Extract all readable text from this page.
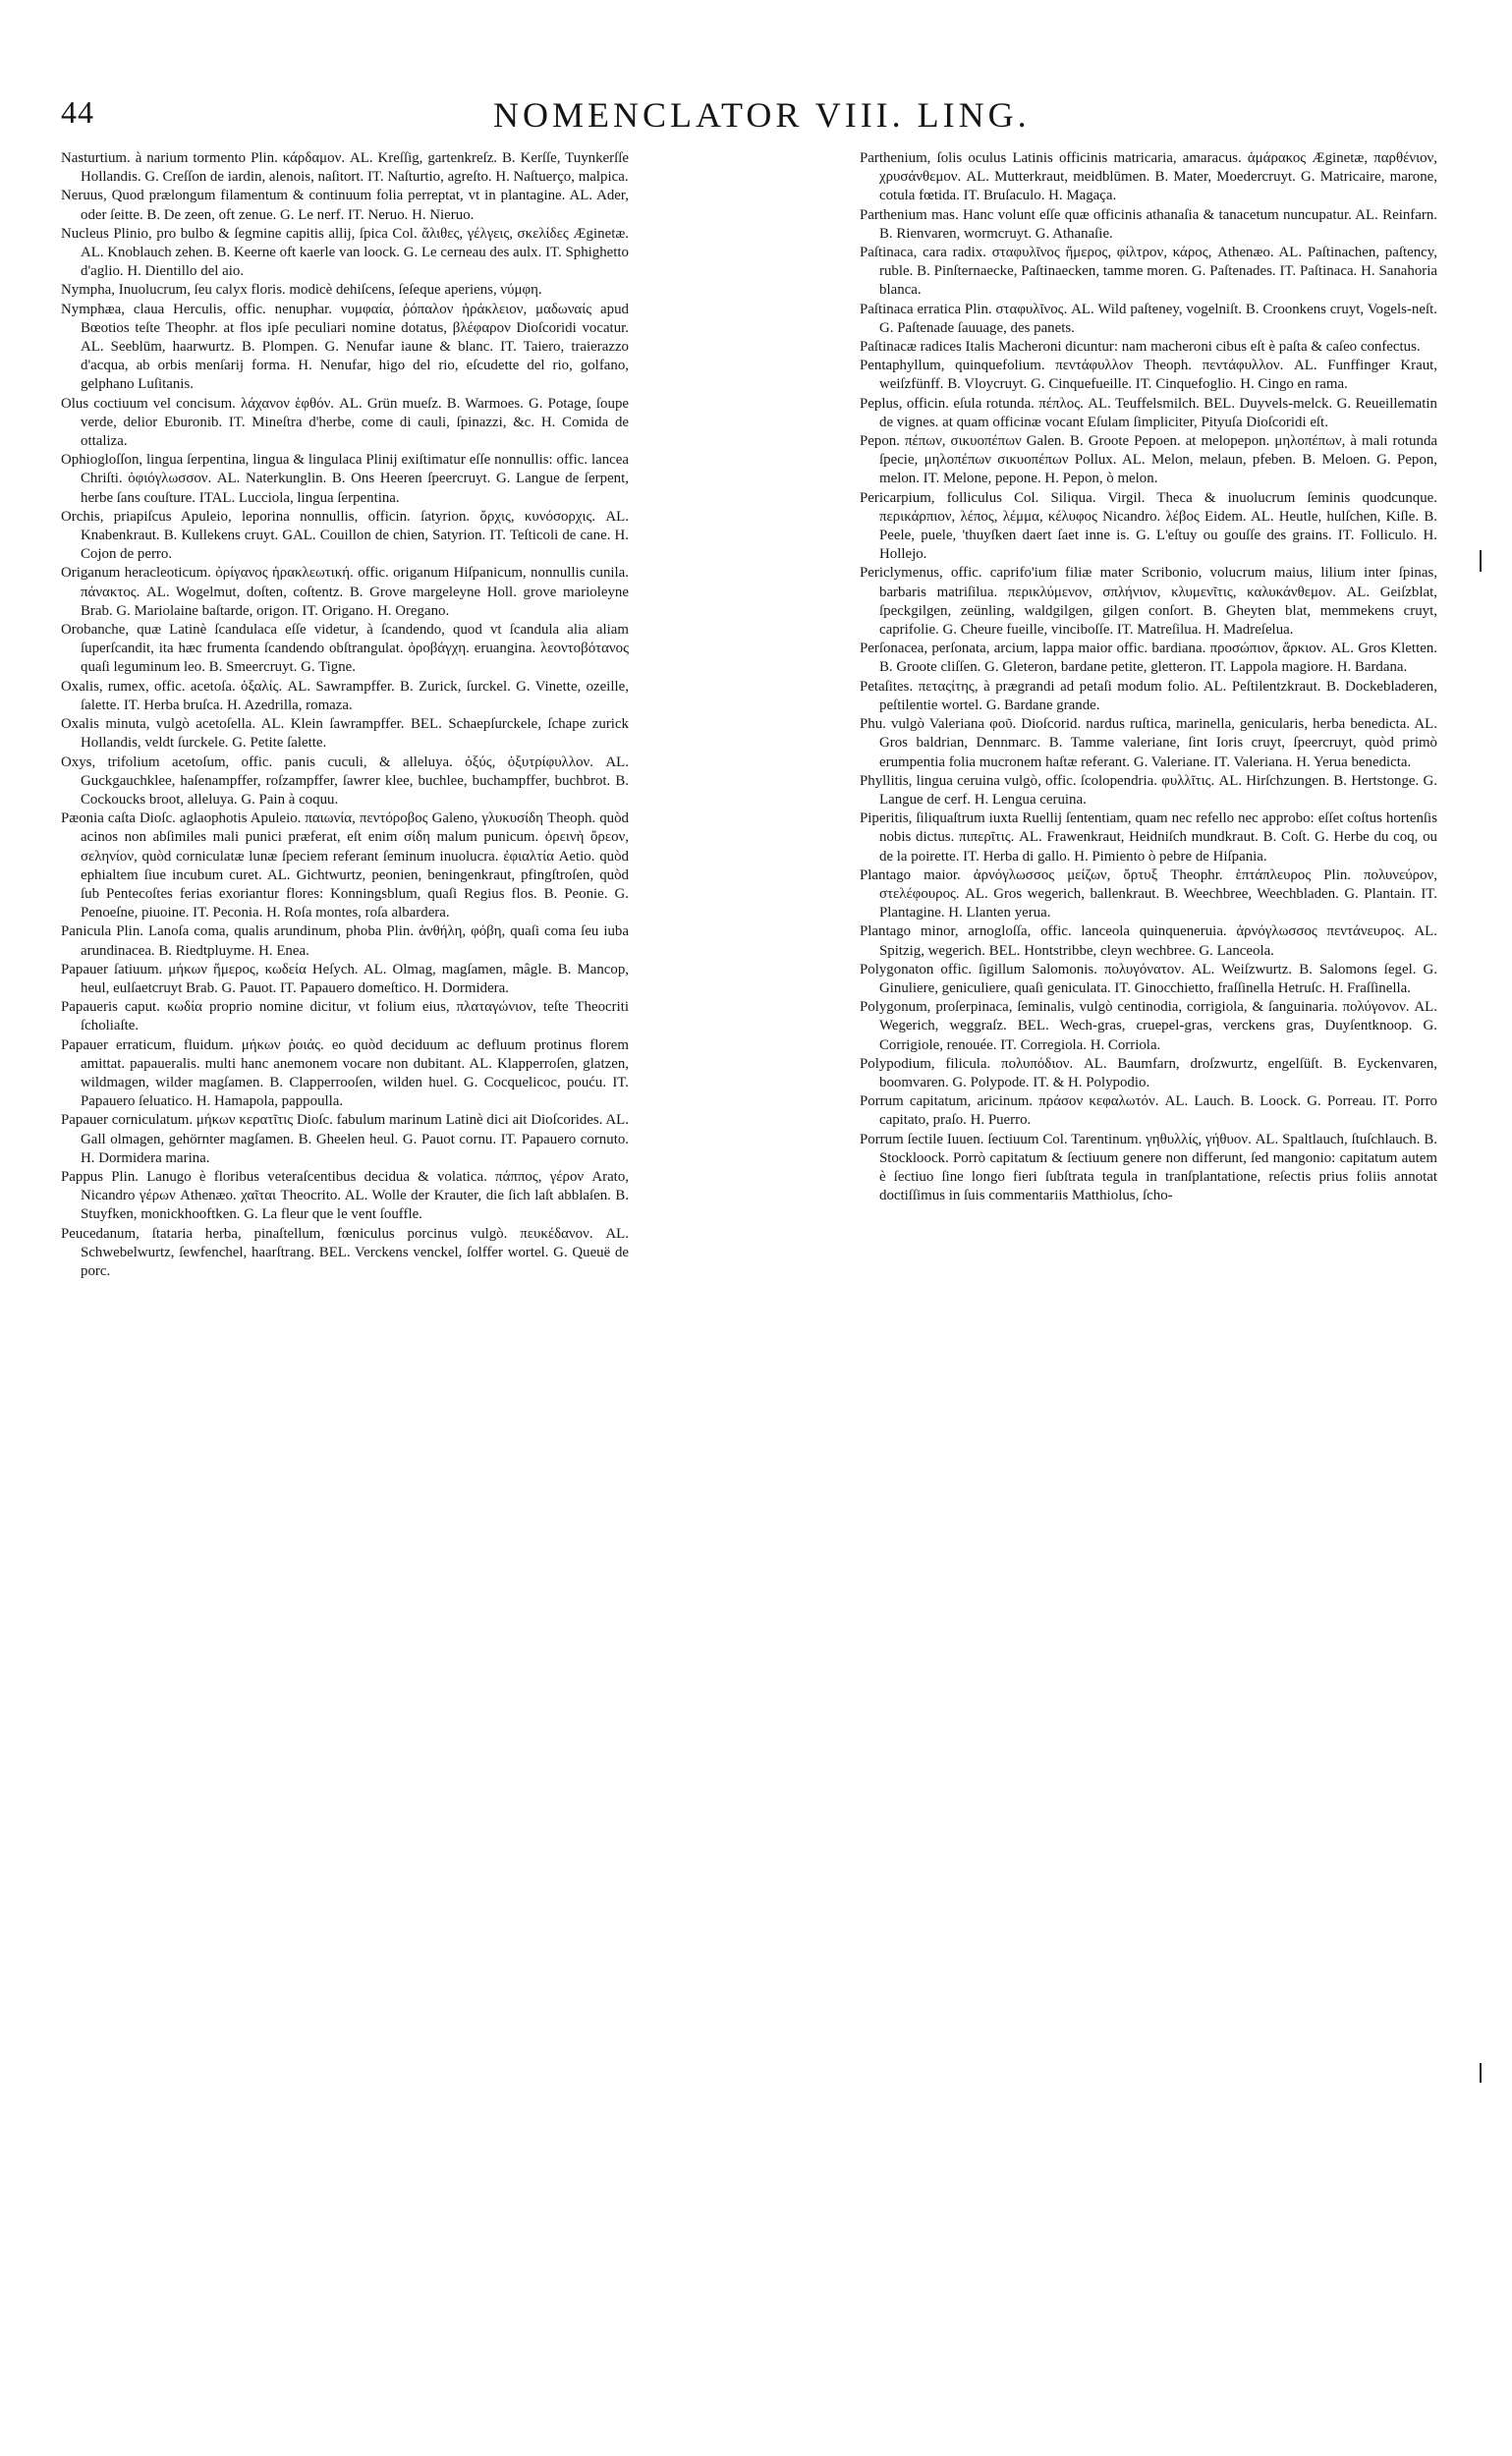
44	NOMENCLATOR VIII. LING.

Nasturtium. à narium tormento Plin. κάρδαμον. AL. Kreſſig, gartenkreſz. B. Kerſſe, Tuynkerſſe Hollandis. G. Creſſon de iardin, alenois, naſitort. IT. Naſturtio, agreſto. H. Naſtuerço, malpica.

Neruus, Quod prælongum filamentum & continuum folia perreptat, vt in plantagine. AL. Ader, oder ſeitte. B. De zeen, oft zenue. G. Le nerf. IT. Neruo. H. Nieruo.

Nucleus Plinio, pro bulbo & ſegmine capitis allij, ſpica Col. ἄλιθες, γέλγεις, σκελίδες Æginetæ. AL. Knoblauch zehen. B. Keerne oft kaerle van loock. G. Le cerneau des aulx. IT. Sphighetto d'aglio. H. Dientillo del aio.

Nympha, Inuolucrum, ſeu calyx floris. modicè dehiſcens, ſeſeque aperiens, νύμφη.

Nymphæa, claua Herculis, offic. nenuphar. νυμφαία, ῥόπαλον ἡράκλειον, μαδωναίς apud Bœotios teſte Theophr. at flos ipſe peculiari nomine dotatus, βλέφαρον Dioſcoridi vocatur. AL. Seeblūm, haarwurtz. B. Plompen. G. Nenufar iaune & blanc. IT. Taiero, traierazzo d'acqua, ab orbis menſarij forma. H. Nenufar, higo del rio, eſcudette del rio, golfano, gelphano Luſitanis.

Olus coctiuum vel concisum. λάχανον ἑφθόν. AL. Grün mueſz. B. Warmoes. G. Potage, ſoupe verde, delior Eburonib. IT. Mineſtra d'herbe, come di cauli, ſpinazzi, &c. H. Comida de ottaliza.

Ophiogloſſon, lingua ſerpentina, lingua & lingulaca Plinij exiſtimatur eſſe nonnullis: offic. lancea Chriſti. ὀφιόγλωσσον. AL. Naterkunglin. B. Ons Heeren ſpeercruyt. G. Langue de ſerpent, herbe ſans couſture. ITAL. Lucciola, lingua ſerpentina.

Orchis, priapiſcus Apuleio, leporina nonnullis, officin. ſatyrion. ὄρχις, κυνόσορχις. AL. Knabenkraut. B. Kullekens cruyt. GAL. Couillon de chien, Satyrion. IT. Teſticoli de cane. H. Cojon de perro.

Origanum heracleoticum. ὀρίγανος ἡρακλεωτική. offic. origanum Hiſpanicum, nonnullis cunila. πάνακτος. AL. Wogelmut, doſten, coſtentz. B. Grove margeleyne Holl. grove marioleyne Brab. G. Mariolaine baſtarde, origon. IT. Origano. H. Oregano.

Orobanche, quæ Latinè ſcandulaca eſſe videtur, à ſcandendo, quod vt ſcandula alia aliam ſuperſcandit, ita hæc frumenta ſcandendo obſtrangulat. ὀροβάγχη. eruangina. λεοντοβότανος quaſi leguminum leo. B. Smeercruyt. G. Tigne.

Oxalis, rumex, offic. acetoſa. ὀξαλίς. AL. Sawrampffer. B. Zurick, ſurckel. G. Vinette, ozeille, ſalette. IT. Herba bruſca. H. Azedrilla, romaza.

Oxalis minuta, vulgò acetoſella. AL. Klein ſawrampffer. BEL. Schaepſurckele, ſchape zurick Hollandis, veldt ſurckele. G. Petite ſalette.

Oxys, trifolium acetoſum, offic. panis cuculi, & alleluya. ὀξύς, ὀξυτρίφυλλον. AL. Guckgauchklee, haſenampffer, roſzampffer, ſawrer klee, buchlee, buchampffer, buchbrot. B. Cockoucks broot, alleluya. G. Pain à coquu.

Pæonia caſta Dioſc. aglaophotis Apuleio. παιωνία, πεντόροβος Galeno, γλυκυσίδη Theoph. quòd acinos non abſimiles mali punici præferat, eſt enim σίδη malum punicum. ὀρεινὴ ὄρεον, σεληνίον, quòd corniculatæ lunæ ſpeciem referant ſeminum inuolucra. ἐφιαλτία Aetio. quòd ephialtem ſiue incubum curet. AL. Gichtwurtz, peonien, beningenkraut, pfingſtroſen, quòd ſub Pentecoſtes ferias exoriantur flores: Konningsblum, quaſi Regius flos. B. Peonie. G. Penoeſne, piuoine. IT. Peconia. H. Roſa montes, roſa albardera.

Panicula Plin. Lanoſa coma, qualis arundinum, phoba Plin. ἀνθήλη, φόβη, quaſi coma ſeu iuba arundinacea. B. Riedtpluyme. H. Enea.

Papauer ſatiuum. μήκων ἥμερος, κωδεία Heſych. AL. Olmag, magſamen, mâgle. B. Mancop, heul, eulſaetcruyt Brab. G. Pauot. IT. Papauero domeſtico. H. Dormidera.

Papaueris caput. κωδία proprio nomine dicitur, vt folium eius, πλαταγώνιον, teſte Theocriti ſcholiaſte.

Papauer erraticum, fluidum. μήκων ῥοιάς. eo quòd deciduum ac defluum protinus florem amittat. papaueralis. multi hanc anemonem vocare non dubitant. AL. Klapperroſen, glatzen, wildmagen, wilder magſamen. B. Clapperrooſen, wilden huel. G. Cocquelicoc, pouću. IT. Papauero ſeluatico. H. Hamapola, pappoulla.

Papauer corniculatum. μήκων κερατῖτις Dioſc. fabulum marinum Latinè dici ait Dioſcorides. AL. Gall olmagen, gehörnter magſamen. B. Gheelen heul. G. Pauot cornu. IT. Papauero cornuto. H. Dormidera marina.

Pappus Plin. Lanugo è floribus veteraſcentibus decidua & volatica. πάππος, γέρον Arato, Nicandro γέρων Athenæo. χαῖται Theocrito. AL. Wolle der Krauter, die ſich laſt abblaſen. B. Stuyfken, monickhooftken. G. La fleur que le vent ſouffle.

Peucedanum, ſtataria herba, pinaſtellum, fœniculus porcinus vulgò. πευκέδανον. AL. Schwebelwurtz, ſewfenchel, haarſtrang. BEL. Verckens venckel, ſolffer wortel. G. Queuë de porc.

Parthenium, ſolis oculus Latinis officinis matricaria, amaracus. ἀμάρακος Æginetæ, παρθένιον, χρυσάνθεμον. AL. Mutterkraut, meidblūmen. B. Mater, Moedercruyt. G. Matricaire, marone, cotula fœtida. IT. Bruſaculo. H. Magaça.

Parthenium mas. Hanc volunt eſſe quæ officinis athanaſia & tanacetum nuncupatur. AL. Reinfarn. B. Rienvaren, wormcruyt. G. Athanaſie.

Paſtinaca, cara radix. σταφυλῖνος ἥμερος, φίλτρον, κάρος, Athenæo. AL. Paſtinachen, paſtency, ruble. B. Pinſternaecke, Paſtinaecken, tamme moren. G. Paſtenades. IT. Paſtinaca. H. Sanahoria blanca.

Paſtinaca erratica Plin. σταφυλῖνος. AL. Wild paſteney, vogelniſt. B. Croonkens cruyt, Vogels-neſt. G. Paſtenade ſauuage, des panets.

Paſtinacæ radices Italis Macheroni dicuntur: nam macheroni cibus eſt è paſta & caſeo confectus.

Pentaphyllum, quinquefolium. πεντάφυλλον Theoph. πεντάφυλλον. AL. Funffinger Kraut, weiſzfünff. B. Vloycruyt. G. Cinquefueille. IT. Cinquefoglio. H. Cingo en rama.

Peplus, officin. eſula rotunda. πέπλος. AL. Teuffelsmilch. BEL. Duyvels-melck. G. Reueillematin de vignes. at quam officinæ vocant Eſulam ſimpliciter, Pityuſa Dioſcoridi eſt.

Pepon. πέπων, σικυοπέπων Galen. B. Groote Pepoen. at melopepon. μηλοπέπων, à mali rotunda ſpecie, μηλοπέπων σικυοπέπων Pollux. AL. Melon, melaun, pfeben. B. Meloen. G. Pepon, melon. IT. Melone, pepone. H. Pepon, ò melon.

Pericarpium, folliculus Col. Siliqua. Virgil. Theca & inuolucrum ſeminis quodcunque. περικάρπιον, λέπος, λέμμα, κέλυφος Nicandro. λέβος Eidem. AL. Heutle, hulſchen, Kiſle. B. Peele, puele, 'thuyſken daert ſaet inne is. G. L'eſtuy ou gouſſe des grains. IT. Folliculo. H. Hollejo.

Periclymenus, offic. caprifo'ium filiæ mater Scribonio, volucrum maius, lilium inter ſpinas, barbaris matriſilua. περικλύμενον, σπλήνιον, κλυμενῖτις, καλυκάνθεμον. AL. Geiſzblat, ſpeckgilgen, zeünling, waldgilgen, gilgen conſort. B. Gheyten blat, memmekens cruyt, caprifolie. G. Cheure fueille, vinciboſſe. IT. Matreſilua. H. Madreſelua.

Perſonacea, perſonata, arcium, lappa maior offic. bardiana. προσώπιον, ἄρκιον. AL. Gros Kletten. B. Groote cliſſen. G. Gleteron, bardane petite, gletteron. IT. Lappola magiore. H. Bardana.

Petaſites. πεταςίτης, à prægrandi ad petaſi modum folio. AL. Peſtilentzkraut. B. Dockebladeren, peſtilentie wortel. G. Bardane grande.

Phu. vulgò Valeriana φοῦ. Dioſcorid. nardus ruſtica, marinella, genicularis, herba benedicta. AL. Gros baldrian, Dennmarc. B. Tamme valeriane, ſint Ioris cruyt, ſpeercruyt, quòd primò erumpentia folia mucronem haſtæ referant. G. Valeriane. IT. Valeriana. H. Yerua benedicta.

Phyllitis, lingua ceruina vulgò, offic. ſcolopendria. φυλλῖτις. AL. Hirſchzungen. B. Hertstonge. G. Langue de cerf. H. Lengua ceruina.

Piperitis, ſiliquaſtrum iuxta Ruellij ſententiam, quam nec refello nec approbo: eſſet coſtus hortenſis nobis dictus. πιπερῖτις. AL. Frawenkraut, Heidniſch mundkraut. B. Coſt. G. Herbe du coq, ou de la poirette. IT. Herba di gallo. H. Pimiento ò pebre de Hiſpania.

Plantago maior. ἀρνόγλωσσος μείζων, ὄρτυξ Theophr. ἑπτάπλευρος Plin. πολυνεύρον, στελέφουρος. AL. Gros wegerich, ballenkraut. B. Weechbree, Weechbladen. G. Plantain. IT. Plantagine. H. Llanten yerua.

Plantago minor, arnogloſſa, offic. lanceola quinqueneruia. ἀρνόγλωσσος πεντάνευρος. AL. Spitzig, wegerich. BEL. Hontstribbe, cleyn wechbree. G. Lanceola.

Polygonaton offic. ſigillum Salomonis. πολυγόνατον. AL. Weiſzwurtz. B. Salomons ſegel. G. Ginuliere, geniculiere, quaſi geniculata. IT. Ginocchietto, fraſſinella Hetruſc. H. Fraſſinella.

Polygonum, proſerpinaca, ſeminalis, vulgò centinodia, corrigiola, & ſanguinaria. πολύγονον. AL. Wegerich, weggraſz. BEL. Wech-gras, cruepel-gras, verckens gras, Duyſentknoop. G. Corrigiole, renouée. IT. Corregiola. H. Corriola.

Polypodium, filicula. πολυπόδιον. AL. Baumfarn, droſzwurtz, engelſüſt. B. Eyckenvaren, boomvaren. G. Polypode. IT. & H. Polypodio.

Porrum capitatum, aricinum. πράσον κεφαλωτόν. AL. Lauch. B. Loock. G. Porreau. IT. Porro capitato, praſo. H. Puerro.

Porrum ſectile Iuuen. ſectiuum Col. Tarentinum. γηθυλλίς, γήθυον. AL. Spaltlauch, ſtuſchlauch. B. Stockloock. Porrò capitatum & ſectiuum genere non differunt, ſed mangonio: capitatum autem è ſectiuo ſine longo fieri ſubſtrata tegula in tranſplantatione, reſectis prius foliis annotat doctiſſimus in ſuis commentariis Matthiolus, ſcho-
